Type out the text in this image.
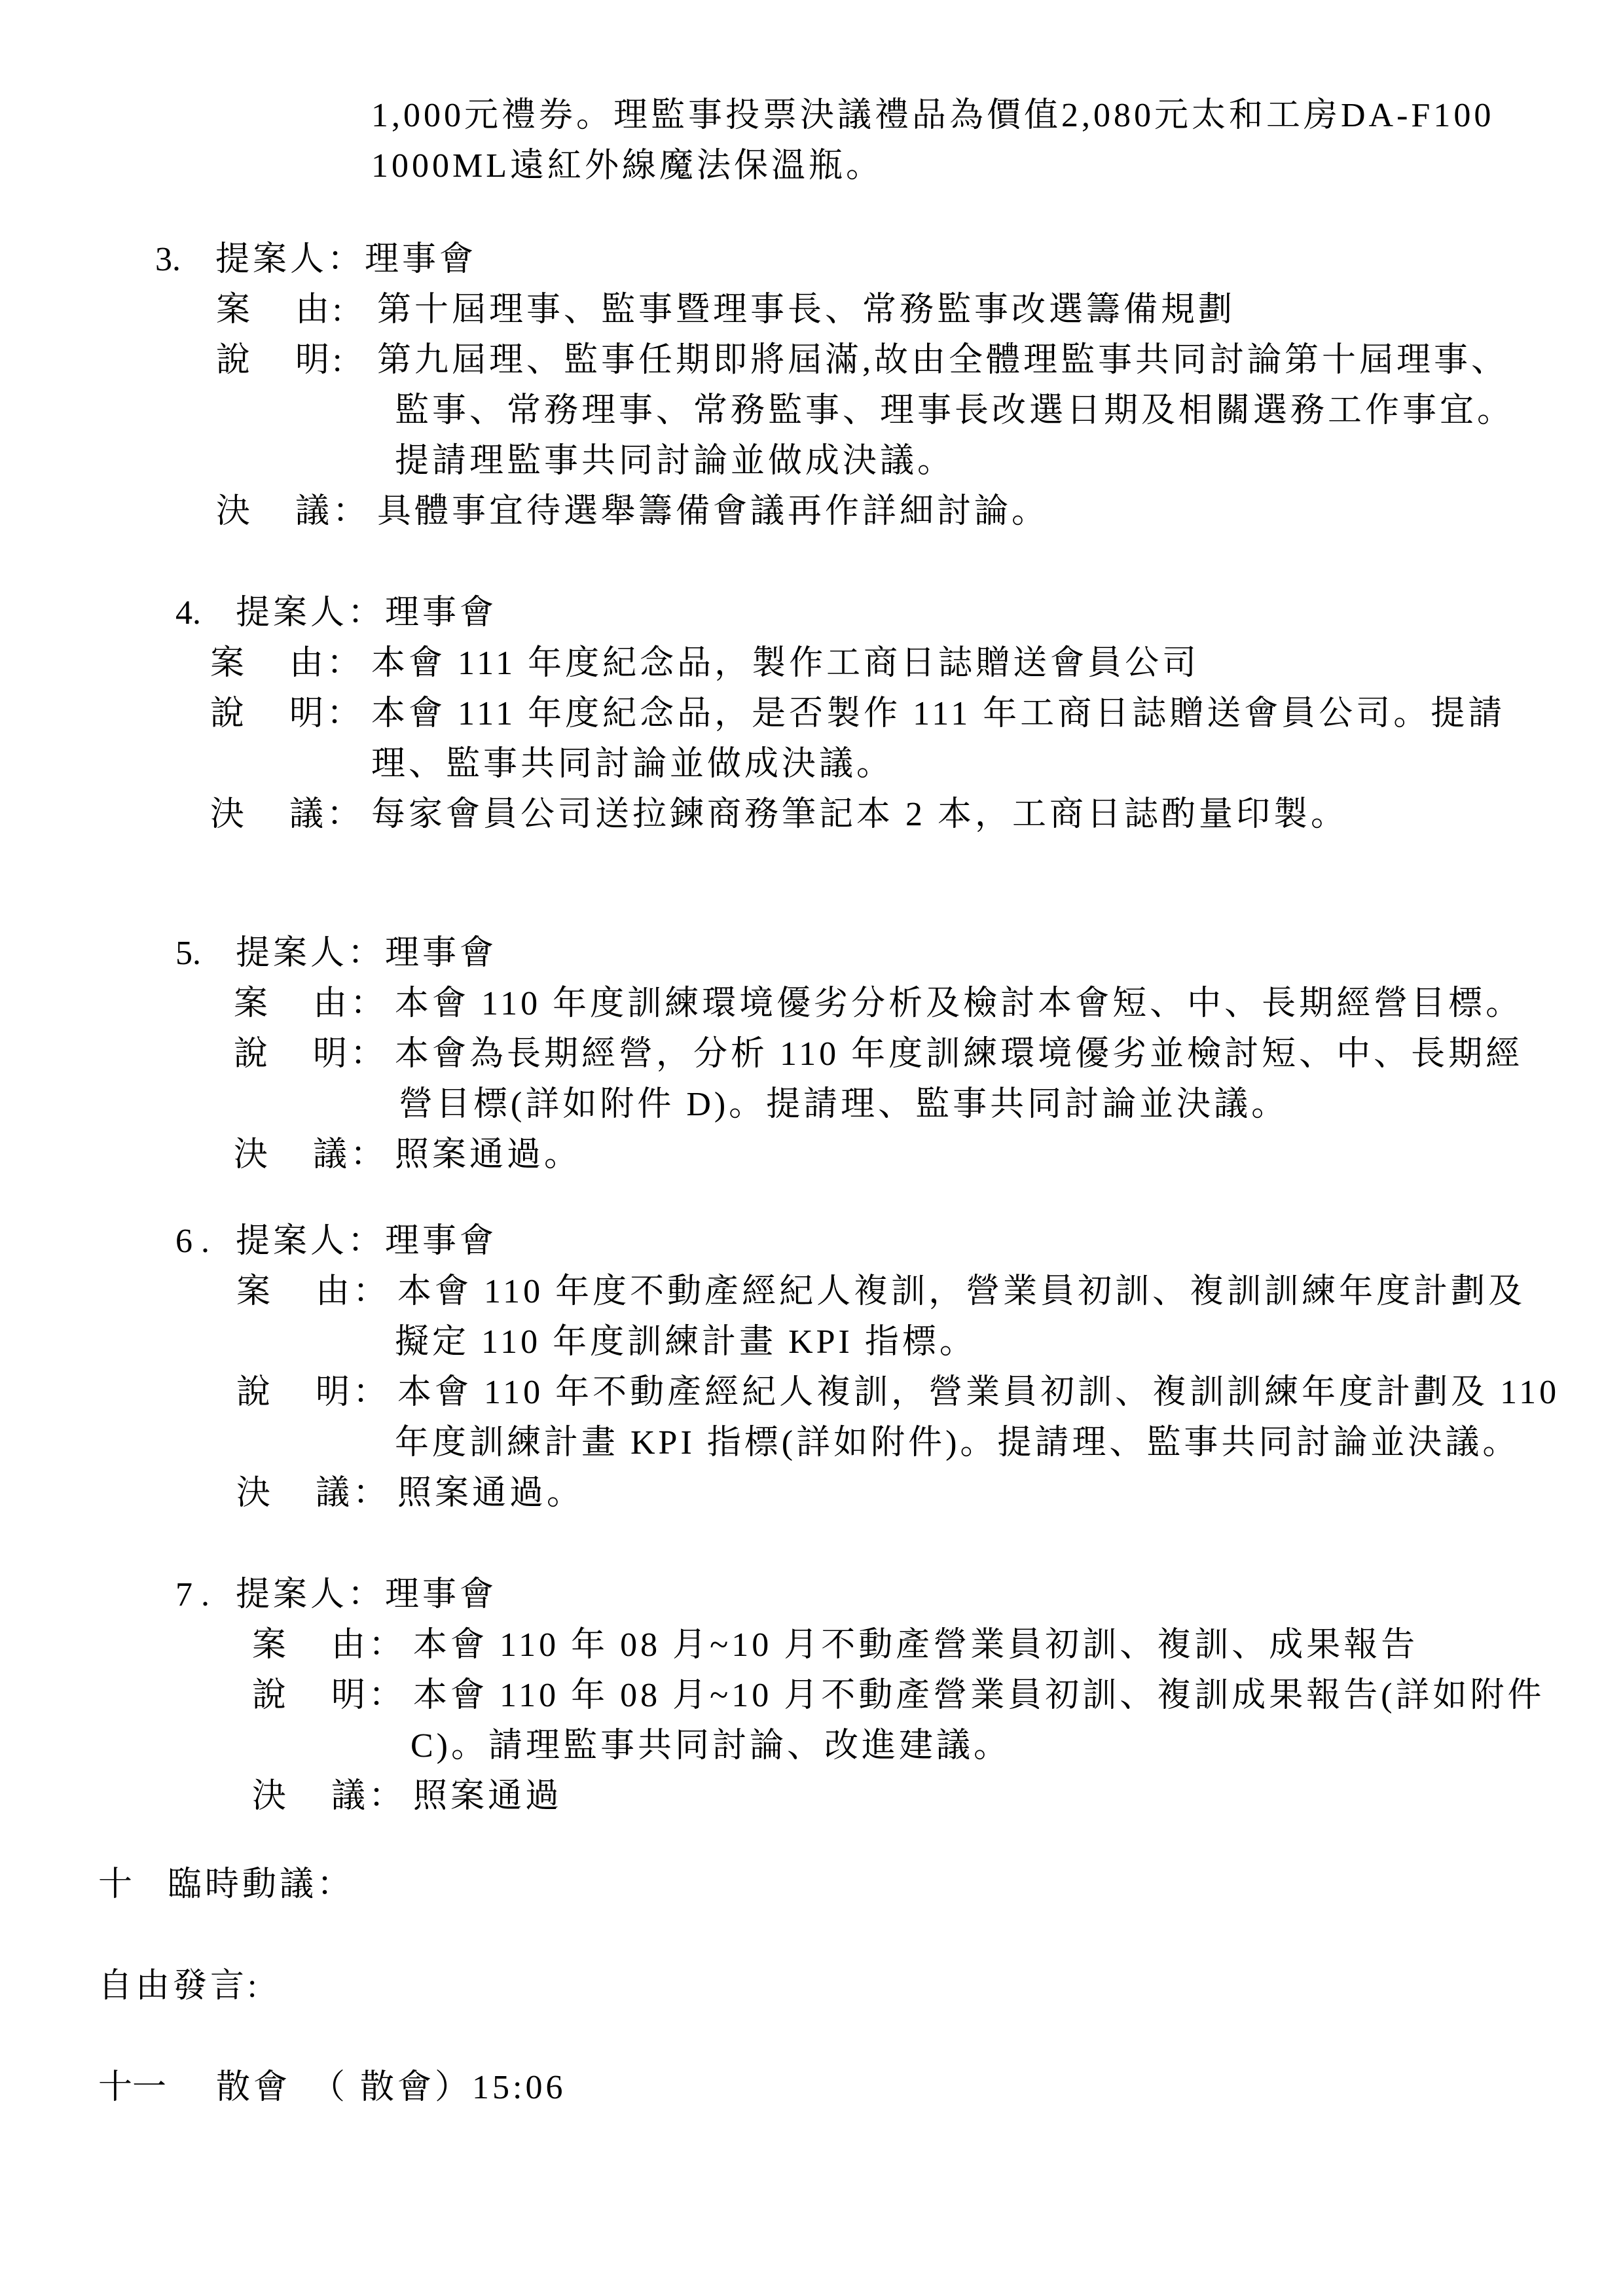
1,000元禮券。理監事投票決議禮品為價值2,080元太和工房DA-F100
1000ML遠紅外線魔法保溫瓶。
3. 提案人：理事會
案 由: 第十屆理事、監事暨理事長、常務監事改選籌備規劃
說 明: 第九屆理、監事任期即將屆滿,故由全體理監事共同討論第十屆理事、
監事、常務理事、常務監事、理事長改選日期及相關選務工作事宜。
提請理監事共同討論並做成決議。
決 議： 具體事宜待選舉籌備會議再作詳細討論。
4. 提案人：理事會
案 由： 本會 111 年度紀念品，製作工商日誌贈送會員公司
說 明： 本會 111 年度紀念品，是否製作 111 年工商日誌贈送會員公司。提請
理、監事共同討論並做成決議。
決 議： 每家會員公司送拉鍊商務筆記本 2 本，工商日誌酌量印製。
5. 提案人：理事會
案 由： 本會 110 年度訓練環境優劣分析及檢討本會短、中、長期經營目標。
說 明： 本會為長期經營，分析 110 年度訓練環境優劣並檢討短、中、長期經
營目標(詳如附件 D)。提請理、監事共同討論並決議。
決 議： 照案通過。
6 . 提案人：理事會
案 由： 本會 110 年度不動產經紀人複訓，營業員初訓、複訓訓練年度計劃及
擬定 110 年度訓練計畫 KPI 指標。
說 明： 本會 110 年不動產經紀人複訓，營業員初訓、複訓訓練年度計劃及 110
年度訓練計畫 KPI 指標(詳如附件)。提請理、監事共同討論並決議。
決 議： 照案通過。
7 . 提案人：理事會
案 由： 本會 110 年 08 月~10 月不動產營業員初訓、複訓、成果報告
說 明： 本會 110 年 08 月~10 月不動產營業員初訓、複訓成果報告(詳如附件
C)。請理監事共同討論、改進建議。
決 議： 照案通過
十 臨時動議：
自由發言:
十一 散會　（ 散會）15:06
